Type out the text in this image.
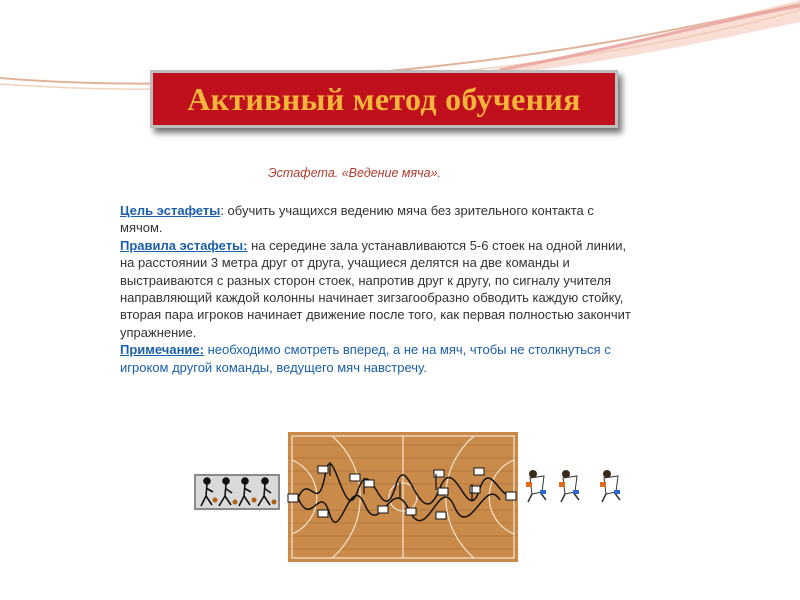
Активный метод обучения
Эстафета. «Ведение мяча».

Цель эстафеты: обучить учащихся ведению мяча без зрительного контакта с мячом.

Правила эстафеты: на середине зала устанавливаются 5-6 стоек на одной линии, на расстоянии 3 метра друг от друга, учащиеся делятся на две команды и выстраиваются с разных сторон стоек, напротив друг к другу, по сигналу учителя направляющий каждой колонны начинает зигзагообразно обводить каждую стойку, вторая пара игроков начинает движение после того, как первая полностью закончит упражнение.

Примечание: необходимо смотреть вперед, а не на мяч, чтобы не столкнуться с игроком другой команды, ведущего мяч навстречу.
